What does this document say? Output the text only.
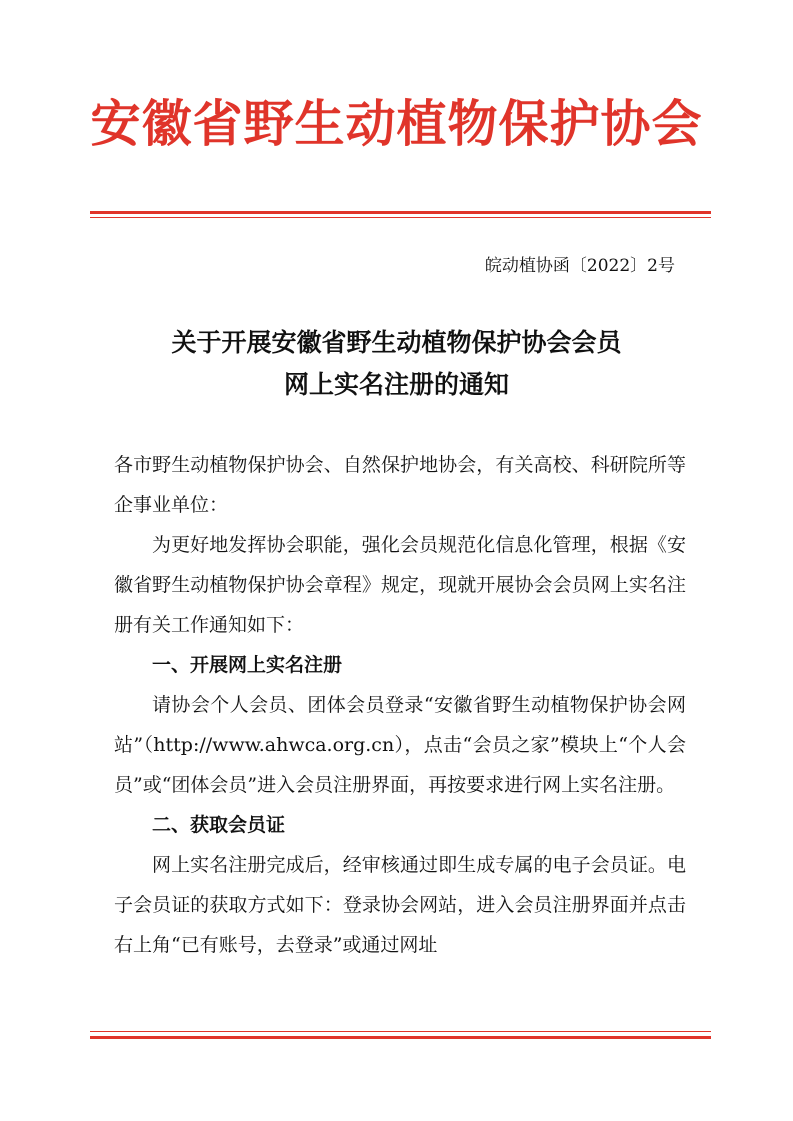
安徽省野生动植物保护协会
皖动植协函〔2022〕2号
关于开展安徽省野生动植物保护协会会员
网上实名注册的通知

各市野生动植物保护协会、自然保护地协会，有关高校、科研院所等企事业单位：

为更好地发挥协会职能，强化会员规范化信息化管理，根据《安徽省野生动植物保护协会章程》规定，现就开展协会会员网上实名注册有关工作通知如下：

一、开展网上实名注册

请协会个人会员、团体会员登录“安徽省野生动植物保护协会网站”（http://www.ahwca.org.cn），点击“会员之家”模块上“个人会员”或“团体会员”进入会员注册界面，再按要求进行网上实名注册。

二、获取会员证

网上实名注册完成后，经审核通过即生成专属的电子会员证。电子会员证的获取方式如下：登录协会网站，进入会员注册界面并点击右上角“已有账号，去登录”或通过网址
